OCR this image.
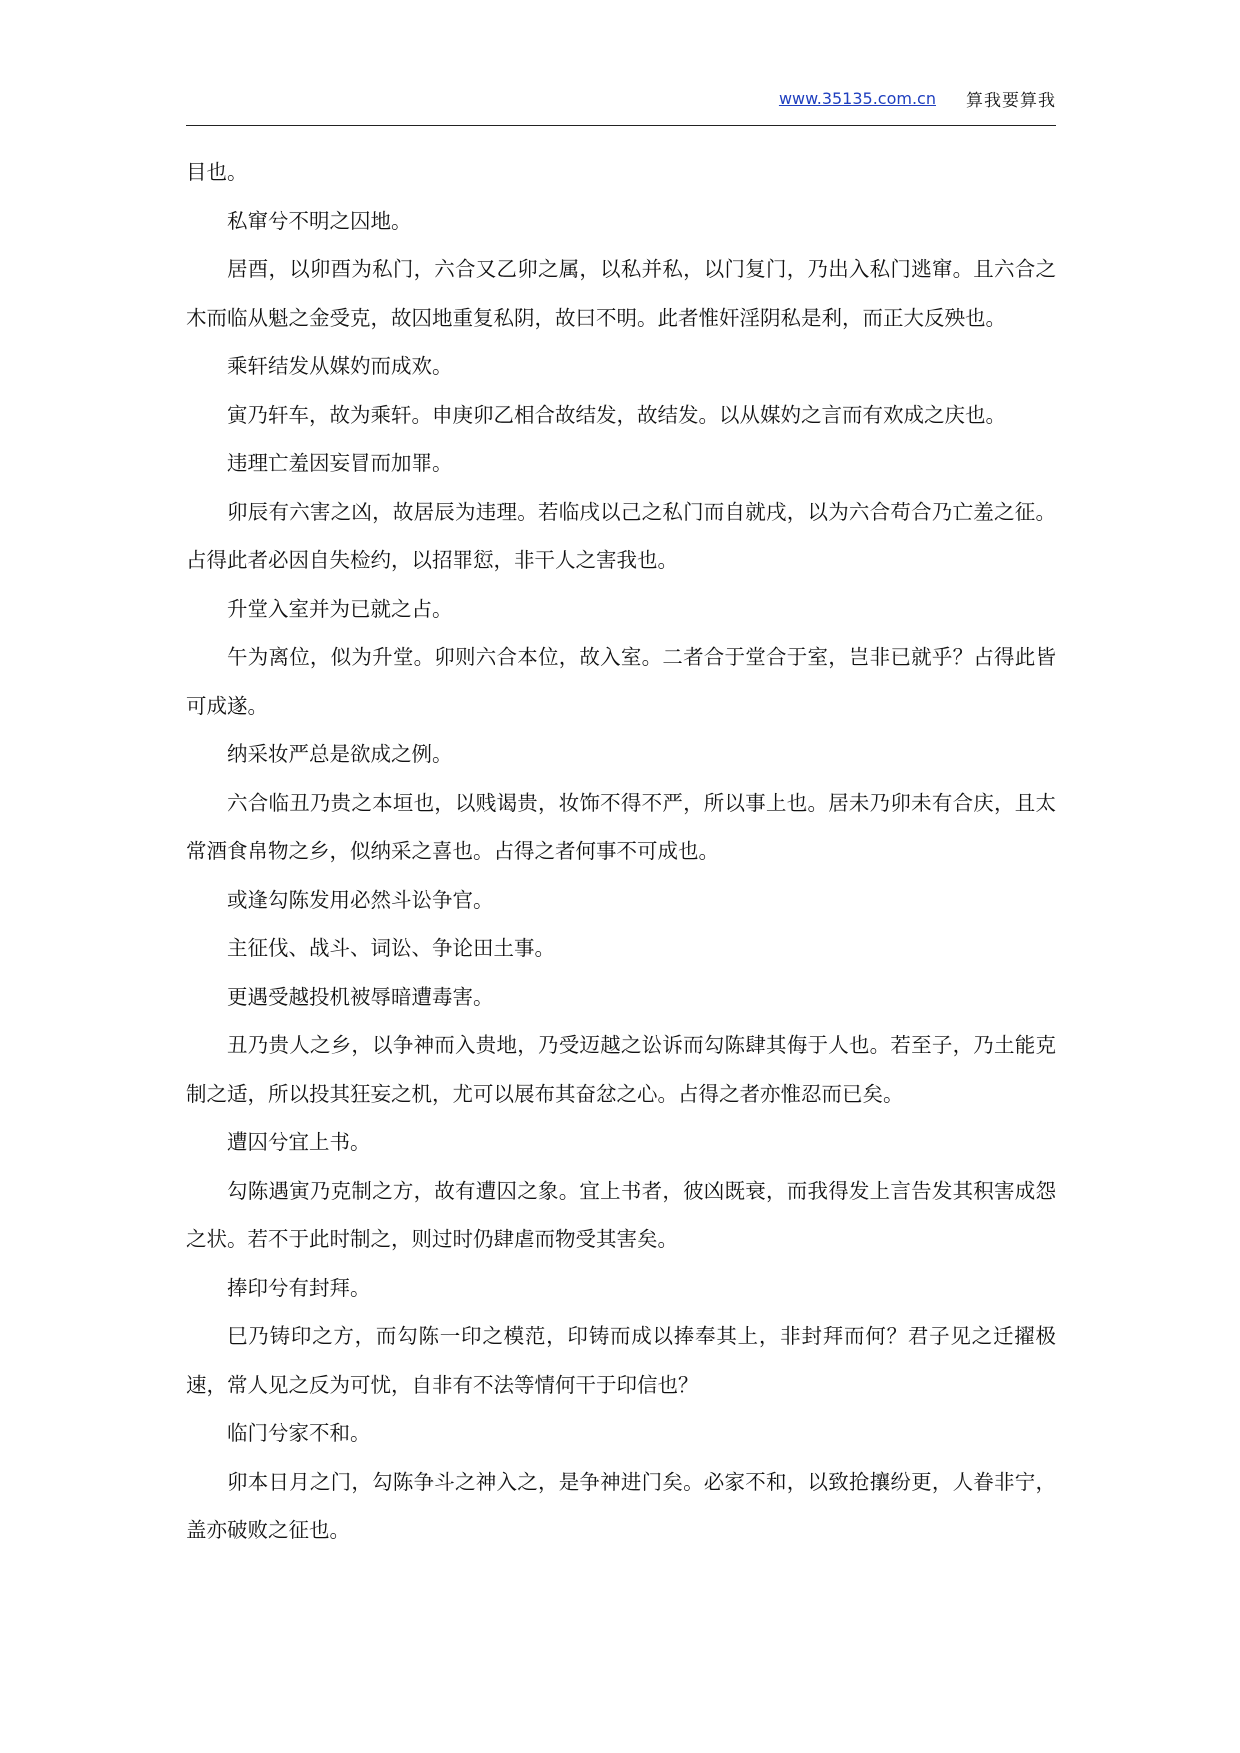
www.35135.com.cn 算我要算我

目也。

私窜兮不明之囚地。

居酉，以卯酉为私门，六合又乙卯之属，以私并私，以门复门，乃出入私门逃窜。且六合之木而临从魁之金受克，故囚地重复私阴，故曰不明。此者惟奸淫阴私是利，而正大反殃也。

乘轩结发从媒妁而成欢。

寅乃轩车，故为乘轩。申庚卯乙相合故结发，故结发。以从媒妁之言而有欢成之庆也。

违理亡羞因妄冒而加罪。

卯辰有六害之凶，故居辰为违理。若临戌以己之私门而自就戌，以为六合苟合乃亡羞之征。占得此者必因自失检约，以招罪愆，非干人之害我也。

升堂入室并为已就之占。

午为离位，似为升堂。卯则六合本位，故入室。二者合于堂合于室，岂非已就乎？占得此皆可成遂。

纳采妆严总是欲成之例。

六合临丑乃贵之本垣也，以贱谒贵，妆饰不得不严，所以事上也。居未乃卯未有合庆，且太常酒食帛物之乡，似纳采之喜也。占得之者何事不可成也。

或逢勾陈发用必然斗讼争官。

主征伐、战斗、词讼、争论田土事。

更遇受越投机被辱暗遭毒害。

丑乃贵人之乡，以争神而入贵地，乃受迈越之讼诉而勾陈肆其侮于人也。若至子，乃土能克制之适，所以投其狂妄之机，尤可以展布其奋忿之心。占得之者亦惟忍而已矣。

遭囚兮宜上书。

勾陈遇寅乃克制之方，故有遭囚之象。宜上书者，彼凶既衰，而我得发上言告发其积害成怨之状。若不于此时制之，则过时仍肆虐而物受其害矣。

捧印兮有封拜。

巳乃铸印之方，而勾陈一印之模范，印铸而成以捧奉其上，非封拜而何？君子见之迁擢极速，常人见之反为可忧，自非有不法等情何干于印信也？

临门兮家不和。

卯本日月之门，勾陈争斗之神入之，是争神进门矣。必家不和，以致抢攘纷更，人眷非宁，盖亦破败之征也。
